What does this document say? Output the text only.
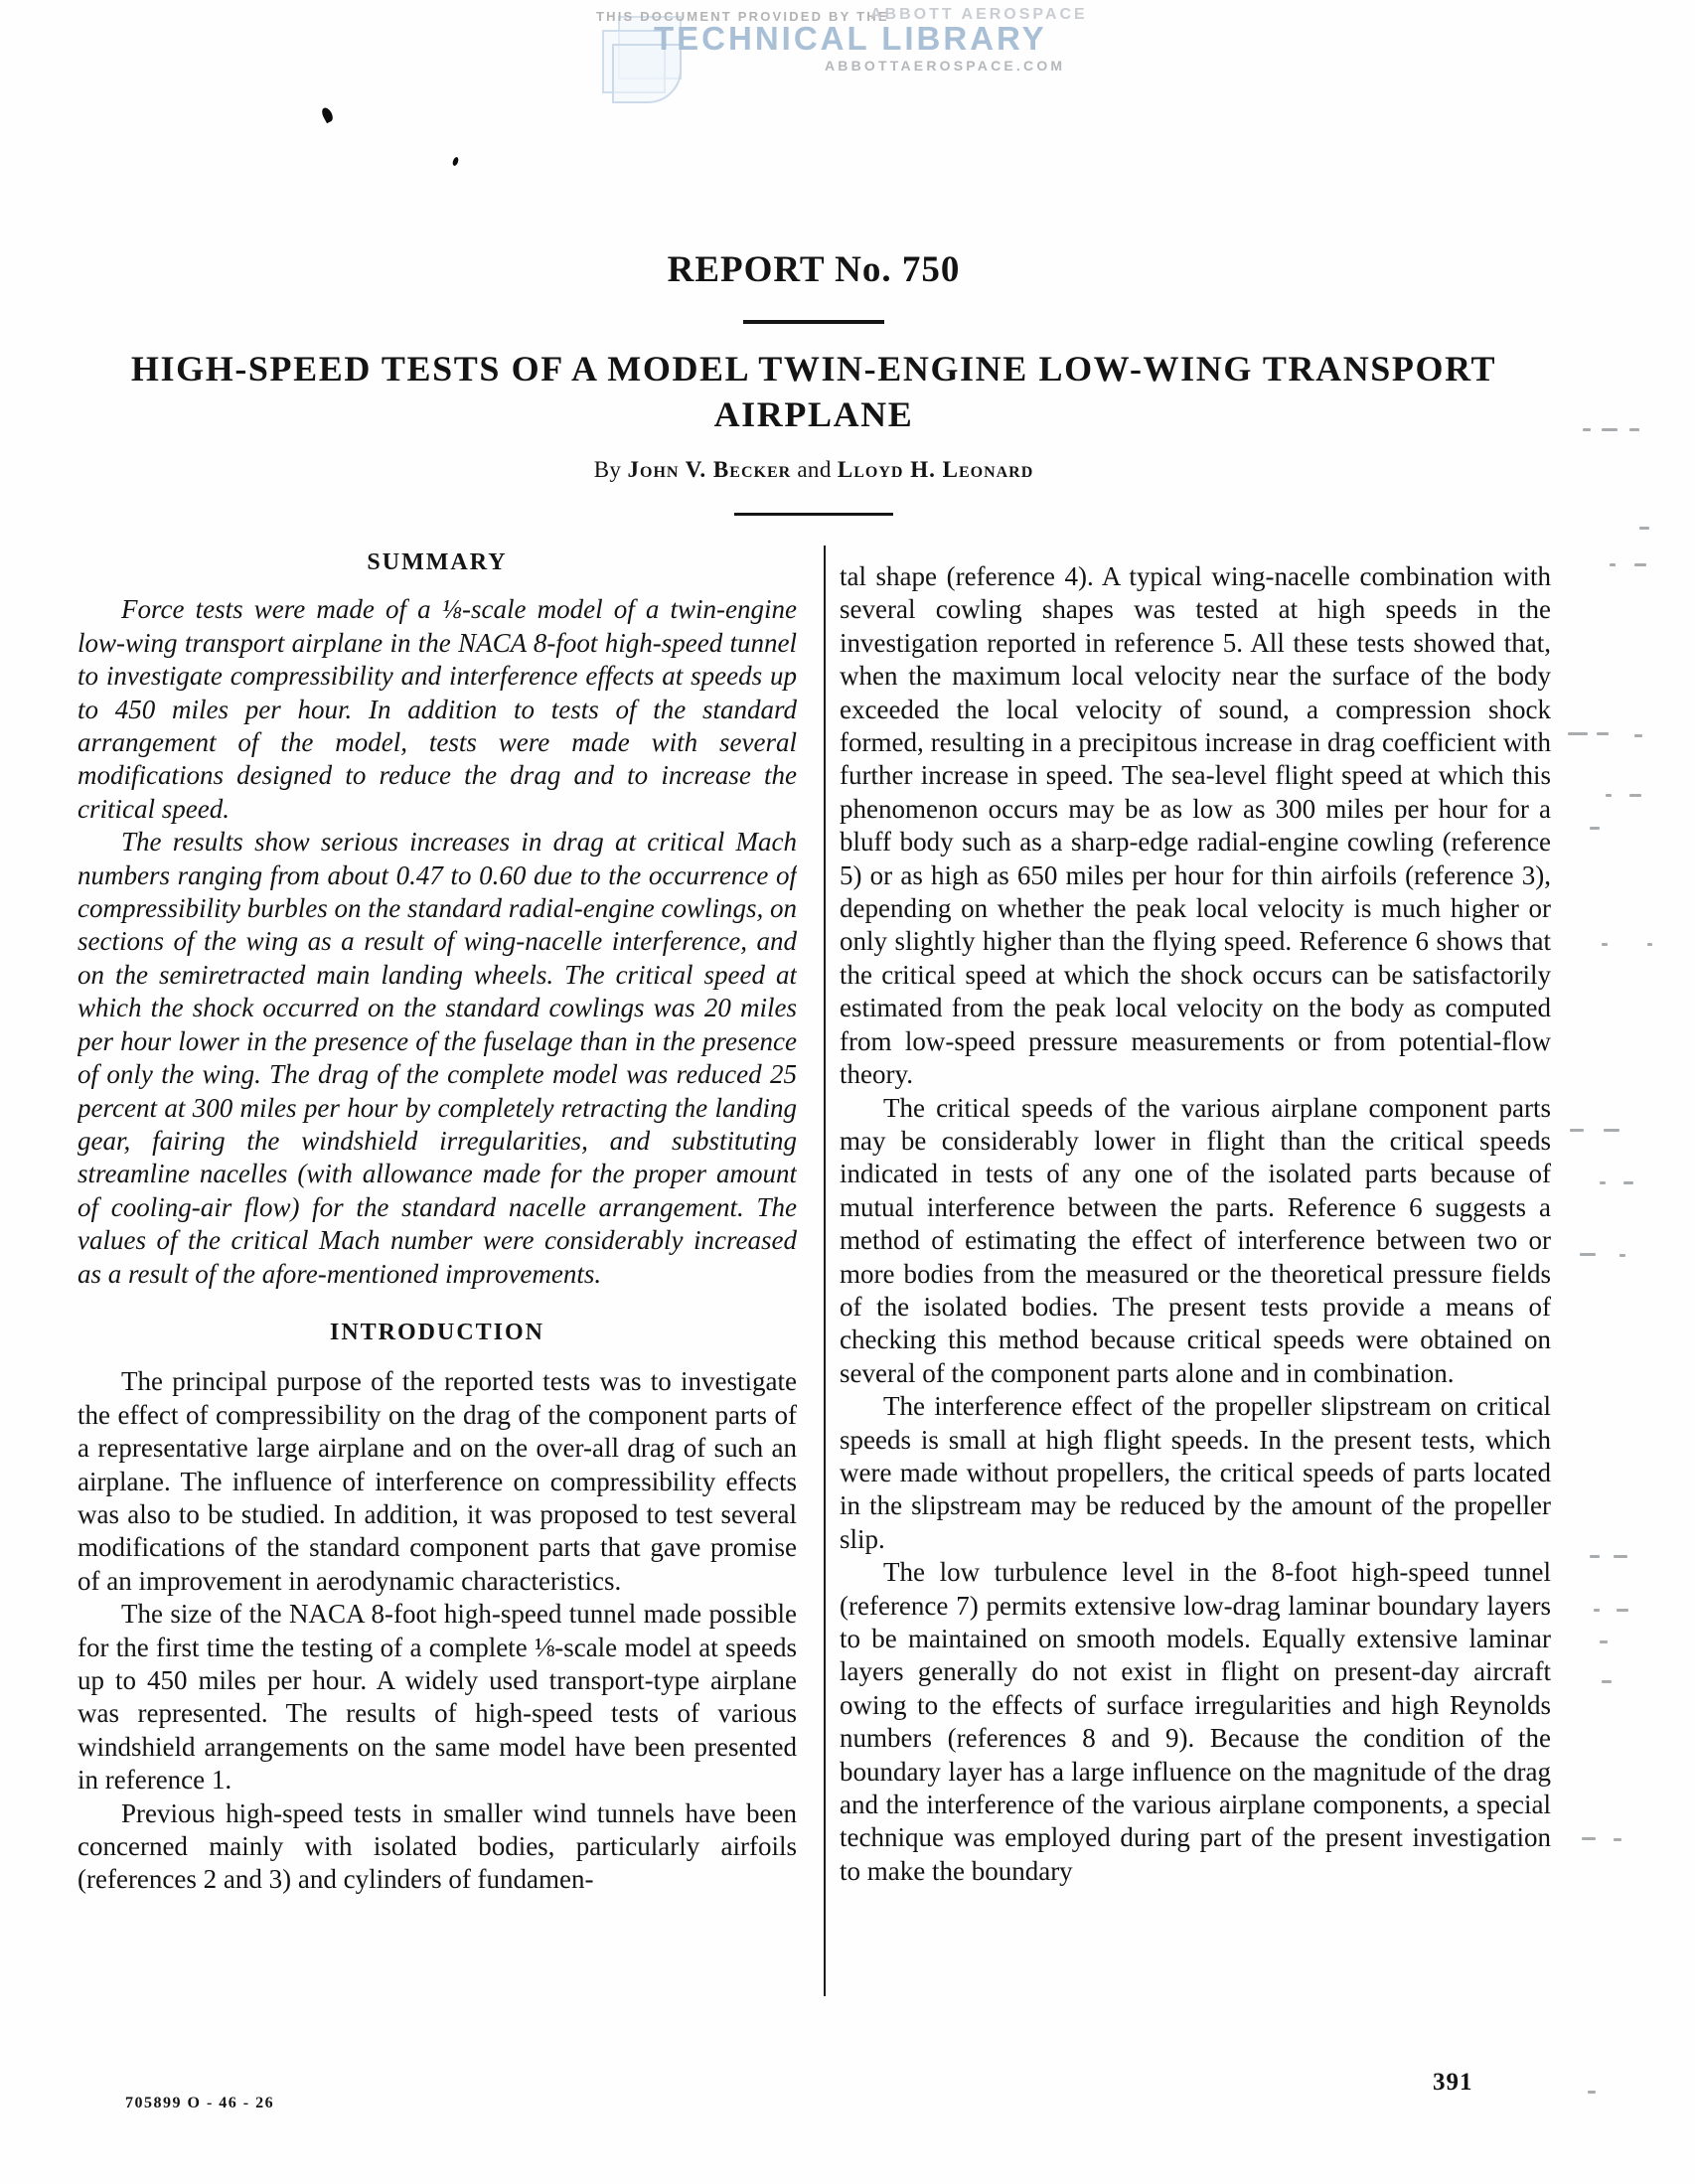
THIS DOCUMENT PROVIDED BY THE
ABBOTT AEROSPACE
TECHNICAL LIBRARY
ABBOTTAEROSPACE.COM
REPORT No. 750
HIGH-SPEED TESTS OF A MODEL TWIN-ENGINE LOW-WING TRANSPORT
AIRPLANE
By John V. Becker and Lloyd H. Leonard
SUMMARY

Force tests were made of a ⅛-scale model of a twin-engine low-wing transport airplane in the NACA 8-foot high-speed tunnel to investigate compressibility and interference effects at speeds up to 450 miles per hour. In addition to tests of the standard arrangement of the model, tests were made with several modifications designed to reduce the drag and to increase the critical speed.

The results show serious increases in drag at critical Mach numbers ranging from about 0.47 to 0.60 due to the occurrence of compressibility burbles on the standard radial-engine cowlings, on sections of the wing as a result of wing-nacelle interference, and on the semiretracted main landing wheels. The critical speed at which the shock occurred on the standard cowlings was 20 miles per hour lower in the presence of the fuselage than in the presence of only the wing. The drag of the complete model was reduced 25 percent at 300 miles per hour by completely retracting the landing gear, fairing the windshield irregularities, and substituting streamline nacelles (with allowance made for the proper amount of cooling-air flow) for the standard nacelle arrangement. The values of the critical Mach number were considerably increased as a result of the afore-mentioned improvements.

INTRODUCTION

The principal purpose of the reported tests was to investigate the effect of compressibility on the drag of the component parts of a representative large airplane and on the over-all drag of such an airplane. The influence of interference on compressibility effects was also to be studied. In addition, it was proposed to test several modifications of the standard component parts that gave promise of an improvement in aerodynamic characteristics.

The size of the NACA 8-foot high-speed tunnel made possible for the first time the testing of a complete ⅛-scale model at speeds up to 450 miles per hour. A widely used transport-type airplane was represented. The results of high-speed tests of various windshield arrangements on the same model have been presented in reference 1.

Previous high-speed tests in smaller wind tunnels have been concerned mainly with isolated bodies, particularly airfoils (references 2 and 3) and cylinders of fundamen-

tal shape (reference 4). A typical wing-nacelle combination with several cowling shapes was tested at high speeds in the investigation reported in reference 5. All these tests showed that, when the maximum local velocity near the surface of the body exceeded the local velocity of sound, a compression shock formed, resulting in a precipitous increase in drag coefficient with further increase in speed. The sea-level flight speed at which this phenomenon occurs may be as low as 300 miles per hour for a bluff body such as a sharp-edge radial-engine cowling (reference 5) or as high as 650 miles per hour for thin airfoils (reference 3), depending on whether the peak local velocity is much higher or only slightly higher than the flying speed. Reference 6 shows that the critical speed at which the shock occurs can be satisfactorily estimated from the peak local velocity on the body as computed from low-speed pressure measurements or from potential-flow theory.

The critical speeds of the various airplane component parts may be considerably lower in flight than the critical speeds indicated in tests of any one of the isolated parts because of mutual interference between the parts. Reference 6 suggests a method of estimating the effect of interference between two or more bodies from the measured or the theoretical pressure fields of the isolated bodies. The present tests provide a means of checking this method because critical speeds were obtained on several of the component parts alone and in combination.

The interference effect of the propeller slipstream on critical speeds is small at high flight speeds. In the present tests, which were made without propellers, the critical speeds of parts located in the slipstream may be reduced by the amount of the propeller slip.

The low turbulence level in the 8-foot high-speed tunnel (reference 7) permits extensive low-drag laminar boundary layers to be maintained on smooth models. Equally extensive laminar layers generally do not exist in flight on present-day aircraft owing to the effects of surface irregularities and high Reynolds numbers (references 8 and 9). Because the condition of the boundary layer has a large influence on the magnitude of the drag and the interference of the various airplane components, a special technique was employed during part of the present investigation to make the boundary

705899 O - 46 - 26
391
